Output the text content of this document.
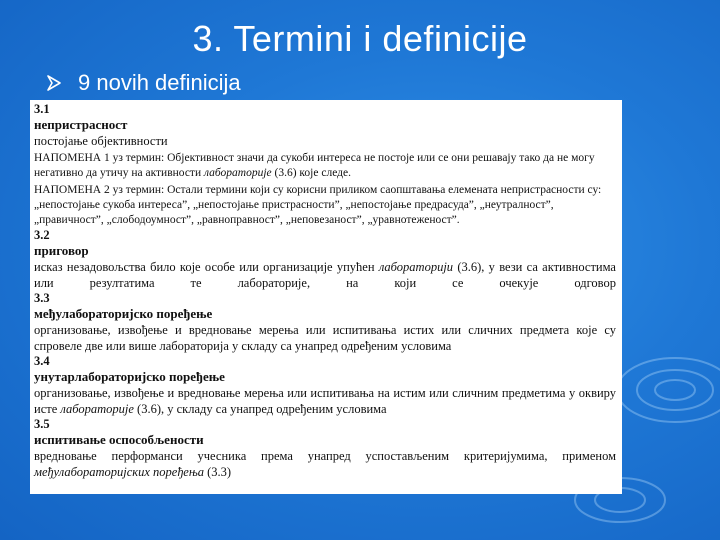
3. Termini i definicije
9 novih definicija
3.1
непристрасност
постојање објективности
НАПОМЕНА 1 уз термин: Објективност значи да сукоби интереса не постоје или се они решавају тако да не могу негативно да утичу на активности лабораторије (3.6) које следе.
НАПОМЕНА 2 уз термин: Остали термини који су корисни приликом саопштавања елемената непристрасности су: „непостојање сукоба интереса”, „непостојање пристрасности”, „непостојање предрасуда”, „неутралност”, „правичност”, „слободоумност”, „равноправност”, „неповезаност”, „уравнотеженост”.
3.2
приговор
исказ незадовољства било које особе или организације упућен лабораторији (3.6), у вези са активностима или резултатима те лабораторије, на који се очекује одговор
3.3
међулабораторијско поређење
организовање, извођење и вредновање мерења или испитивања истих или сличних предмета које су спровеле две или више лабораторија у складу са унапред одређеним условима
3.4
унутарлабораторијско поређење
организовање, извођење и вредновање мерења или испитивања на истим или сличним предметима у оквиру исте лабораторије (3.6), у складу са унапред одређеним условима
3.5
испитивање оспособљености
вредновање перформанси учесника према унапред успостављеним критеријумима, применом међулабораторијских поређења (3.3)
